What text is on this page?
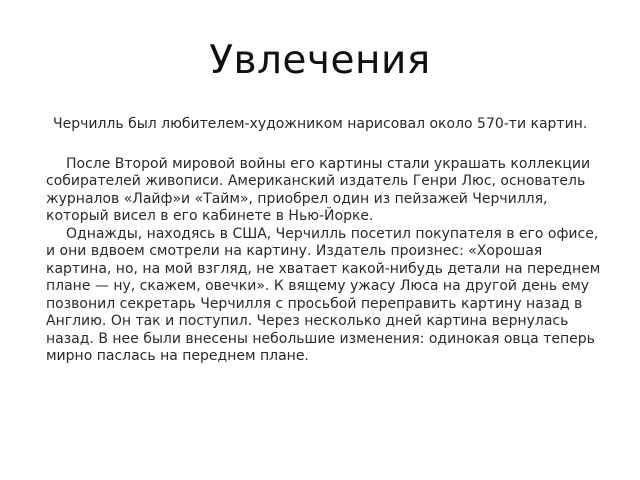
Увлечения

Черчилль был любителем-художником нарисовал около 570-ти картин.

После Второй мировой войны его картины стали украшать коллекции собирателей живописи. Американский издатель Генри Люс, основатель журналов «Лайф»и «Тайм», приобрел один из пейзажей Черчилля, который висел в его кабинете в Нью-Йорке.

Однажды, находясь в США, Черчилль посетил покупателя в его офисе, и они вдвоем смотрели на картину. Издатель произнес: «Хорошая картина, но, на мой взгляд, не хватает какой-нибудь детали на переднем плане — ну, скажем, овечки». К вящему ужасу Люса на другой день ему позвонил секретарь Черчилля с просьбой переправить картину назад в Англию. Он так и поступил. Через несколько дней картина вернулась назад. В нее были внесены небольшие изменения: одинокая овца теперь мирно паслась на переднем плане.
